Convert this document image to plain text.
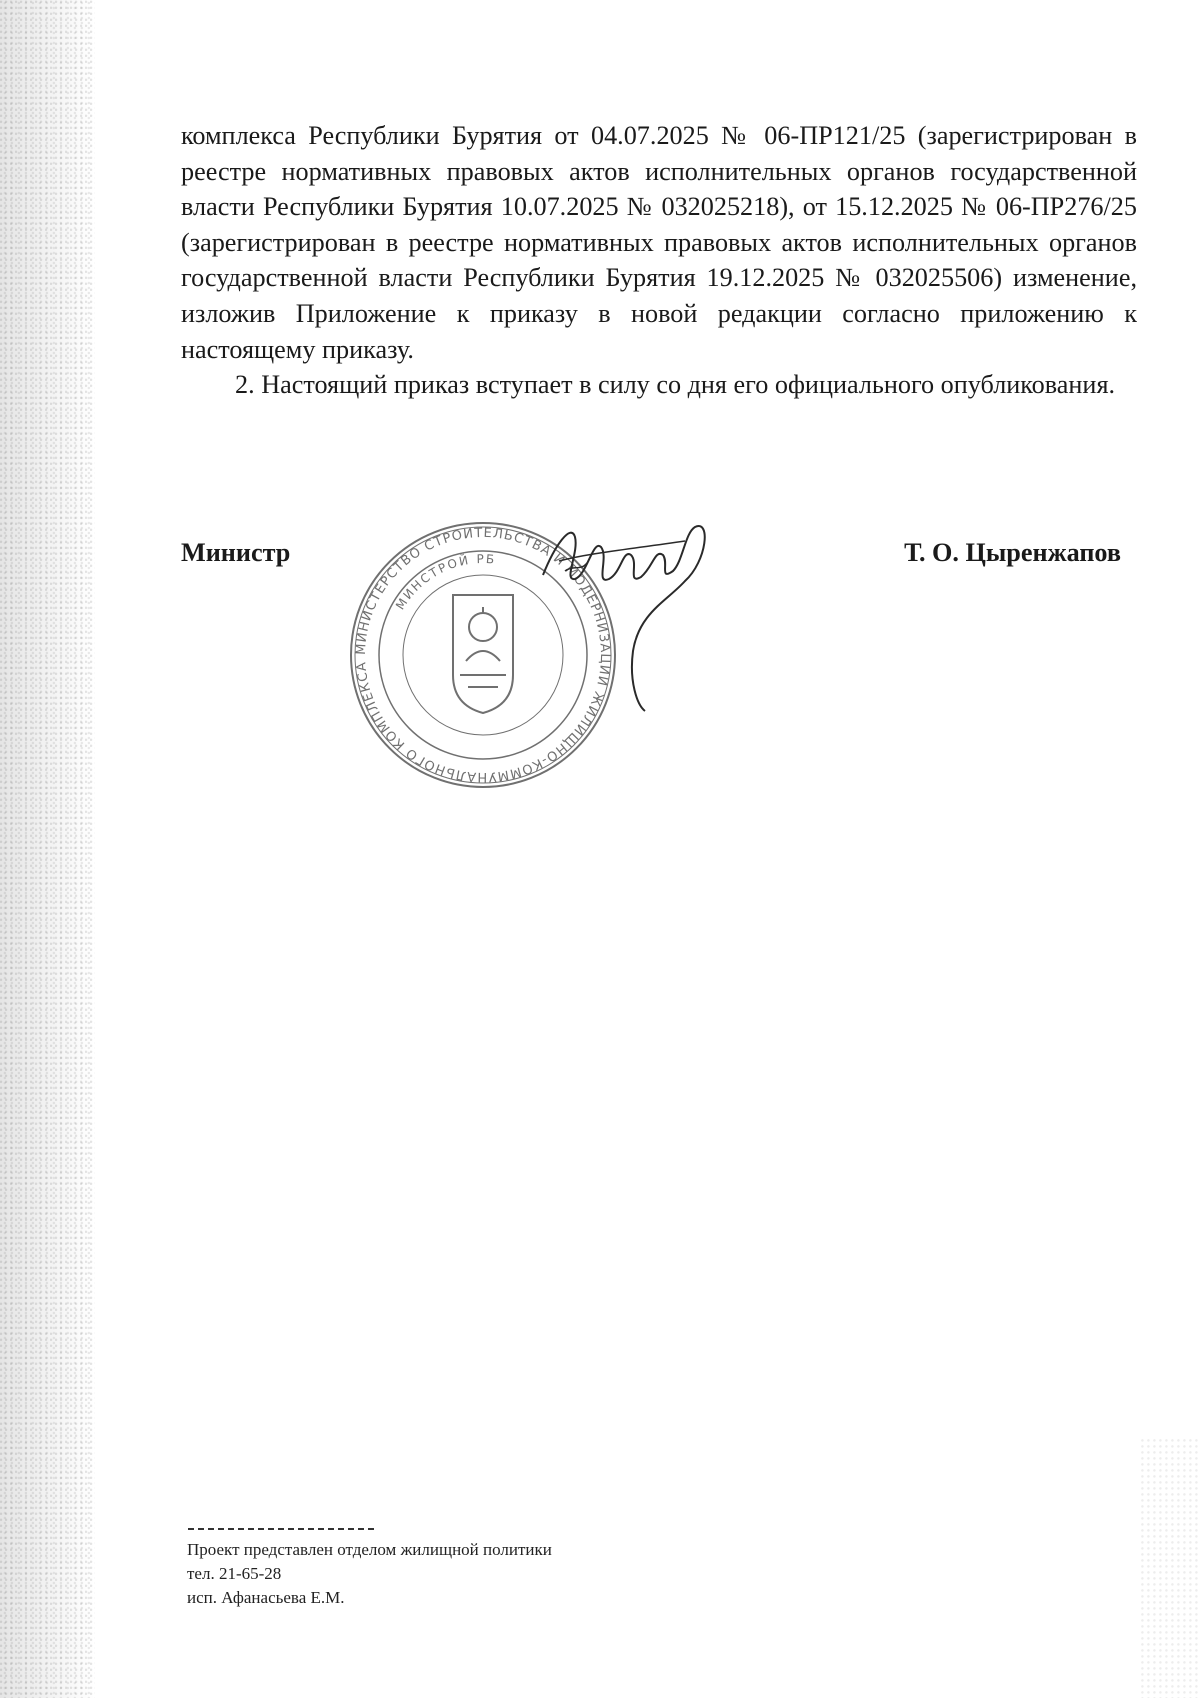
комплекса Республики Бурятия от 04.07.2025 № 06-ПР121/25 (зарегистрирован в реестре нормативных правовых актов исполнительных органов государственной власти Республики Бурятия 10.07.2025 № 032025218), от 15.12.2025 № 06-ПР276/25 (зарегистрирован в реестре нормативных правовых актов исполнительных органов государственной власти Республики Бурятия 19.12.2025 № 032025506) изменение, изложив Приложение к приказу в новой редакции согласно приложению к настоящему приказу.

2. Настоящий приказ вступает в силу со дня его официального опубликования.

МИНИСТЕРСТВО СТРОИТЕЛЬСТВА И МОДЕРНИЗАЦИИ ЖИЛИЩНО-КОММУНАЛЬНОГО КОМПЛЕКСА
МИНСТРОЙ РБ
Министр	Т. О. Цыренжапов
Проект представлен отделом жилищной политики
тел. 21-65-28
исп. Афанасьева Е.М.
